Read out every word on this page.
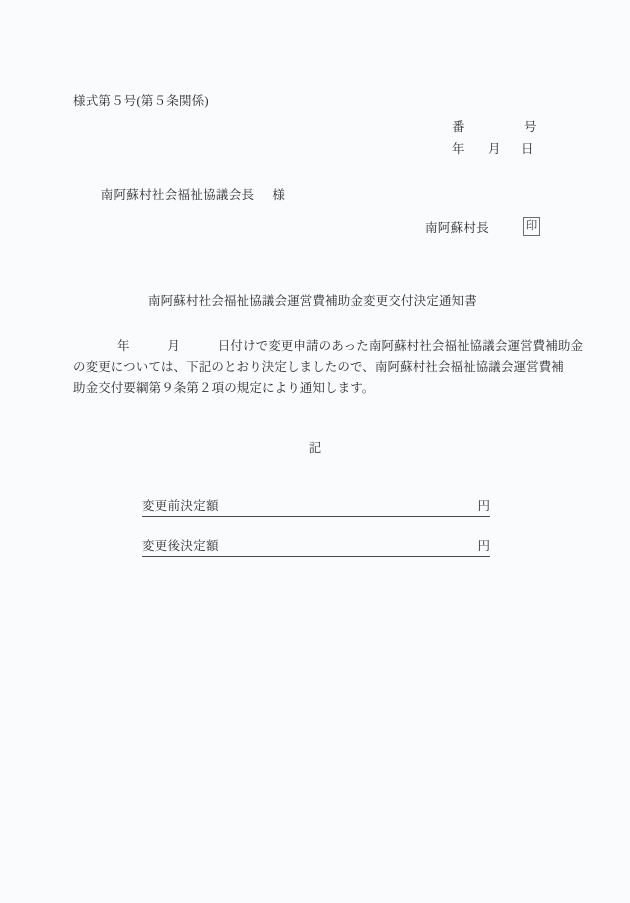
様式第５号(第５条関係)
番	号
年 月 日

南阿蘇村社会福祉協議会長 様

南阿蘇村長	印
南阿蘇村社会福祉協議会運営費補助金変更交付決定通知書
年　　　月　　　日付けで変更申請のあった南阿蘇村社会福祉協議会運営費補助金
の変更については、下記のとおり決定しましたので、南阿蘇村社会福祉協議会運営費補
助金交付要綱第９条第２項の規定により通知します。
記
変更前決定額	円
変更後決定額	円
